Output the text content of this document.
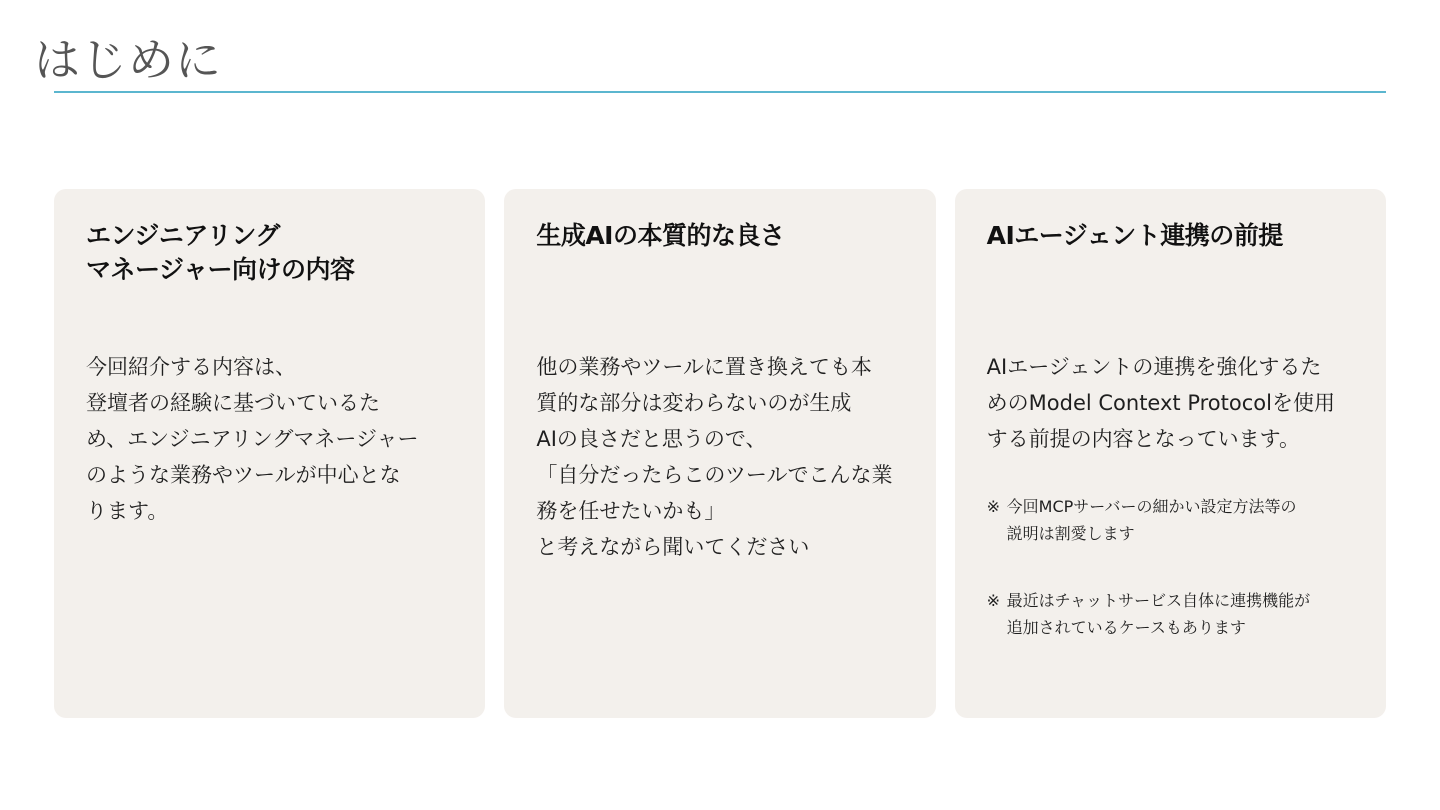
はじめに
エンジニアリング
マネージャー向けの内容
今回紹介する内容は、
登壇者の経験に基づいているた
め、エンジニアリングマネージャー
のような業務やツールが中心とな
ります。
生成AIの本質的な良さ
他の業務やツールに置き換えても本
質的な部分は変わらないのが生成
AIの良さだと思うので、
「自分だったらこのツールでこんな業
務を任せたいかも」
と考えながら聞いてください
AIエージェント連携の前提
AIエージェントの連携を強化するた
めのModel Context Protocolを使用
する前提の内容となっています。
※ 今回MCPサーバーの細かい設定方法等の
説明は割愛します
※ 最近はチャットサービス自体に連携機能が
追加されているケースもあります
